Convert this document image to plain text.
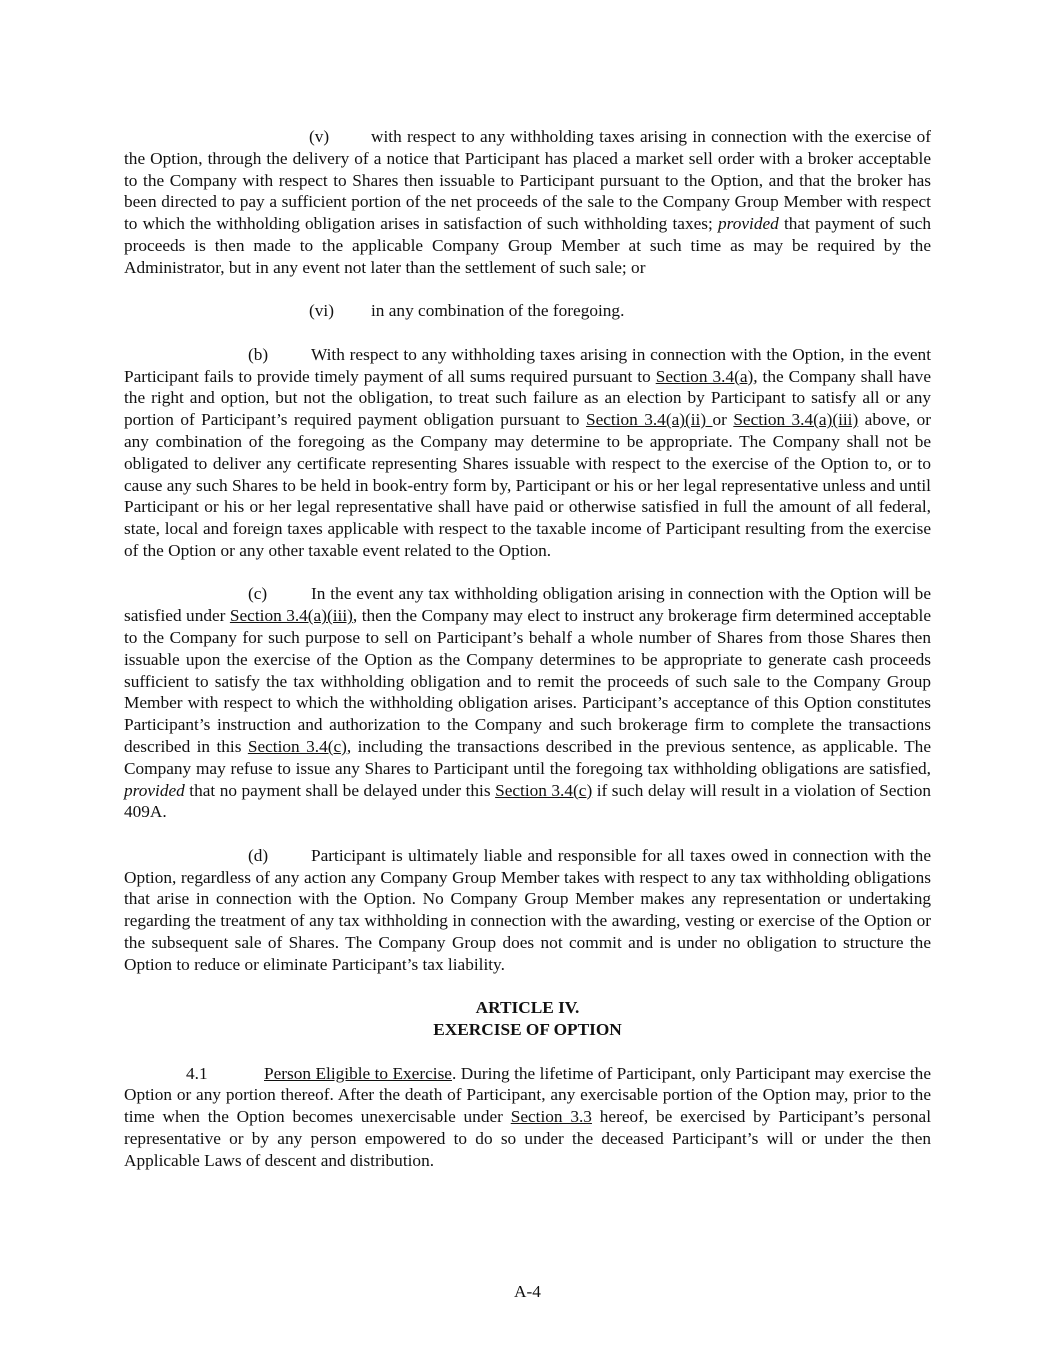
(v) with respect to any withholding taxes arising in connection with the exercise of the Option, through the delivery of a notice that Participant has placed a market sell order with a broker acceptable to the Company with respect to Shares then issuable to Participant pursuant to the Option, and that the broker has been directed to pay a sufficient portion of the net proceeds of the sale to the Company Group Member with respect to which the withholding obligation arises in satisfaction of such withholding taxes; provided that payment of such proceeds is then made to the applicable Company Group Member at such time as may be required by the Administrator, but in any event not later than the settlement of such sale; or

(vi) in any combination of the foregoing.

(b) With respect to any withholding taxes arising in connection with the Option, in the event Participant fails to provide timely payment of all sums required pursuant to Section 3.4(a), the Company shall have the right and option, but not the obligation, to treat such failure as an election by Participant to satisfy all or any portion of Participant’s required payment obligation pursuant to Section 3.4(a)(ii) or Section 3.4(a)(iii) above, or any combination of the foregoing as the Company may determine to be appropriate. The Company shall not be obligated to deliver any certificate representing Shares issuable with respect to the exercise of the Option to, or to cause any such Shares to be held in book-entry form by, Participant or his or her legal representative unless and until Participant or his or her legal representative shall have paid or otherwise satisfied in full the amount of all federal, state, local and foreign taxes applicable with respect to the taxable income of Participant resulting from the exercise of the Option or any other taxable event related to the Option.

(c)	In the event any tax withholding obligation arising in connection with the Option will be satisfied under Section 3.4(a)(iii), then the Company may elect to instruct any brokerage firm determined acceptable to the Company for such purpose to sell on Participant’s behalf a whole number of Shares from those Shares then issuable upon the exercise of the Option as the Company determines to be appropriate to generate cash proceeds sufficient to satisfy the tax withholding obligation and to remit the proceeds of such sale to the Company Group Member with respect to which the withholding obligation arises. Participant’s acceptance of this Option constitutes Participant’s instruction and authorization to the Company and such brokerage firm to complete the transactions described in this Section 3.4(c), including the transactions described in the previous sentence, as applicable. The Company may refuse to issue any Shares to Participant until the foregoing tax withholding obligations are satisfied, provided that no payment shall be delayed under this Section 3.4(c) if such delay will result in a violation of Section 409A.

(d) Participant is ultimately liable and responsible for all taxes owed in connection with the Option, regardless of any action any Company Group Member takes with respect to any tax withholding obligations that arise in connection with the Option. No Company Group Member makes any representation or undertaking regarding the treatment of any tax withholding in connection with the awarding, vesting or exercise of the Option or the subsequent sale of Shares. The Company Group does not commit and is under no obligation to structure the Option to reduce or eliminate Participant’s tax liability.

ARTICLE IV.
EXERCISE OF OPTION

4.1	Person Eligible to Exercise. During the lifetime of Participant, only Participant may exercise the Option or any portion thereof. After the death of Participant, any exercisable portion of the Option may, prior to the time when the Option becomes unexercisable under Section 3.3 hereof, be exercised by Participant’s personal representative or by any person empowered to do so under the deceased Participant’s will or under the then Applicable Laws of descent and distribution.

A-4
